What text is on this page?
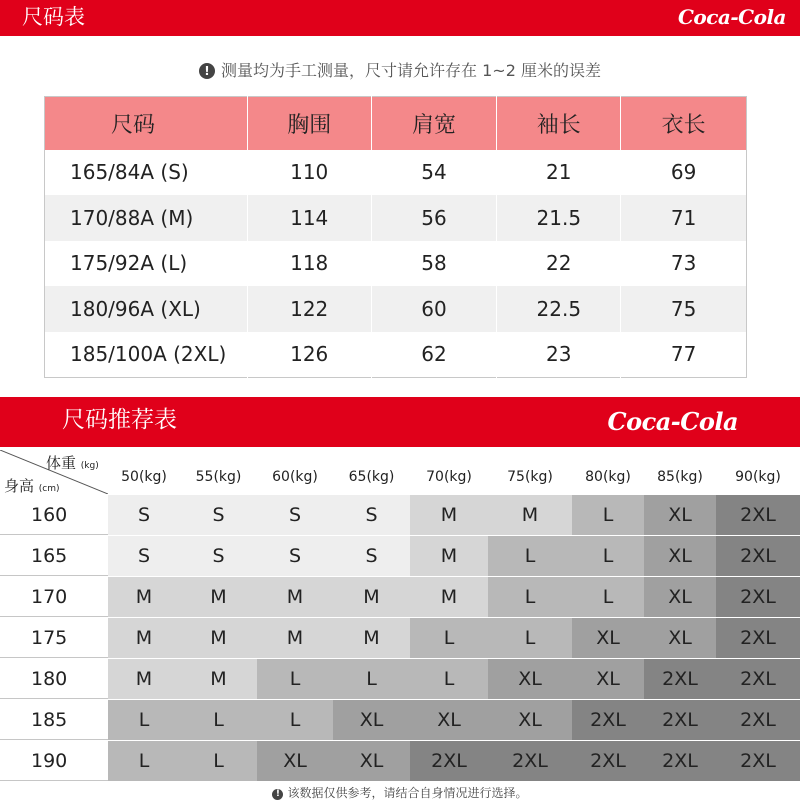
尺码表	Coca-Cola
! 测量均为手工测量，尺寸请允许存在 1~2 厘米的误差
尺码	胸围	肩宽	袖长	衣长
165/84A (S)	110	54	21	69
170/88A (M)	114	56	21.5	71
175/92A (L)	118	58	22	73
180/96A (XL)	122	60	22.5	75
185/100A (2XL)	126	62	23	77
尺码推荐表	Coca-Cola
体重 (kg)
身高 (cm)
50(kg)	55(kg)	60(kg)	65(kg)	70(kg)	75(kg)	80(kg)	85(kg)	90(kg)
160	S	S	S	S	M	M	L	XL	2XL
165	S	S	S	S	M	L	L	XL	2XL
170	M	M	M	M	M	L	L	XL	2XL
175	M	M	M	M	L	L	XL	XL	2XL
180	M	M	L	L	L	XL	XL	2XL	2XL
185	L	L	L	XL	XL	XL	2XL	2XL	2XL
190	L	L	XL	XL	2XL	2XL	2XL	2XL	2XL
! 该数据仅供参考，请结合自身情况进行选择。
